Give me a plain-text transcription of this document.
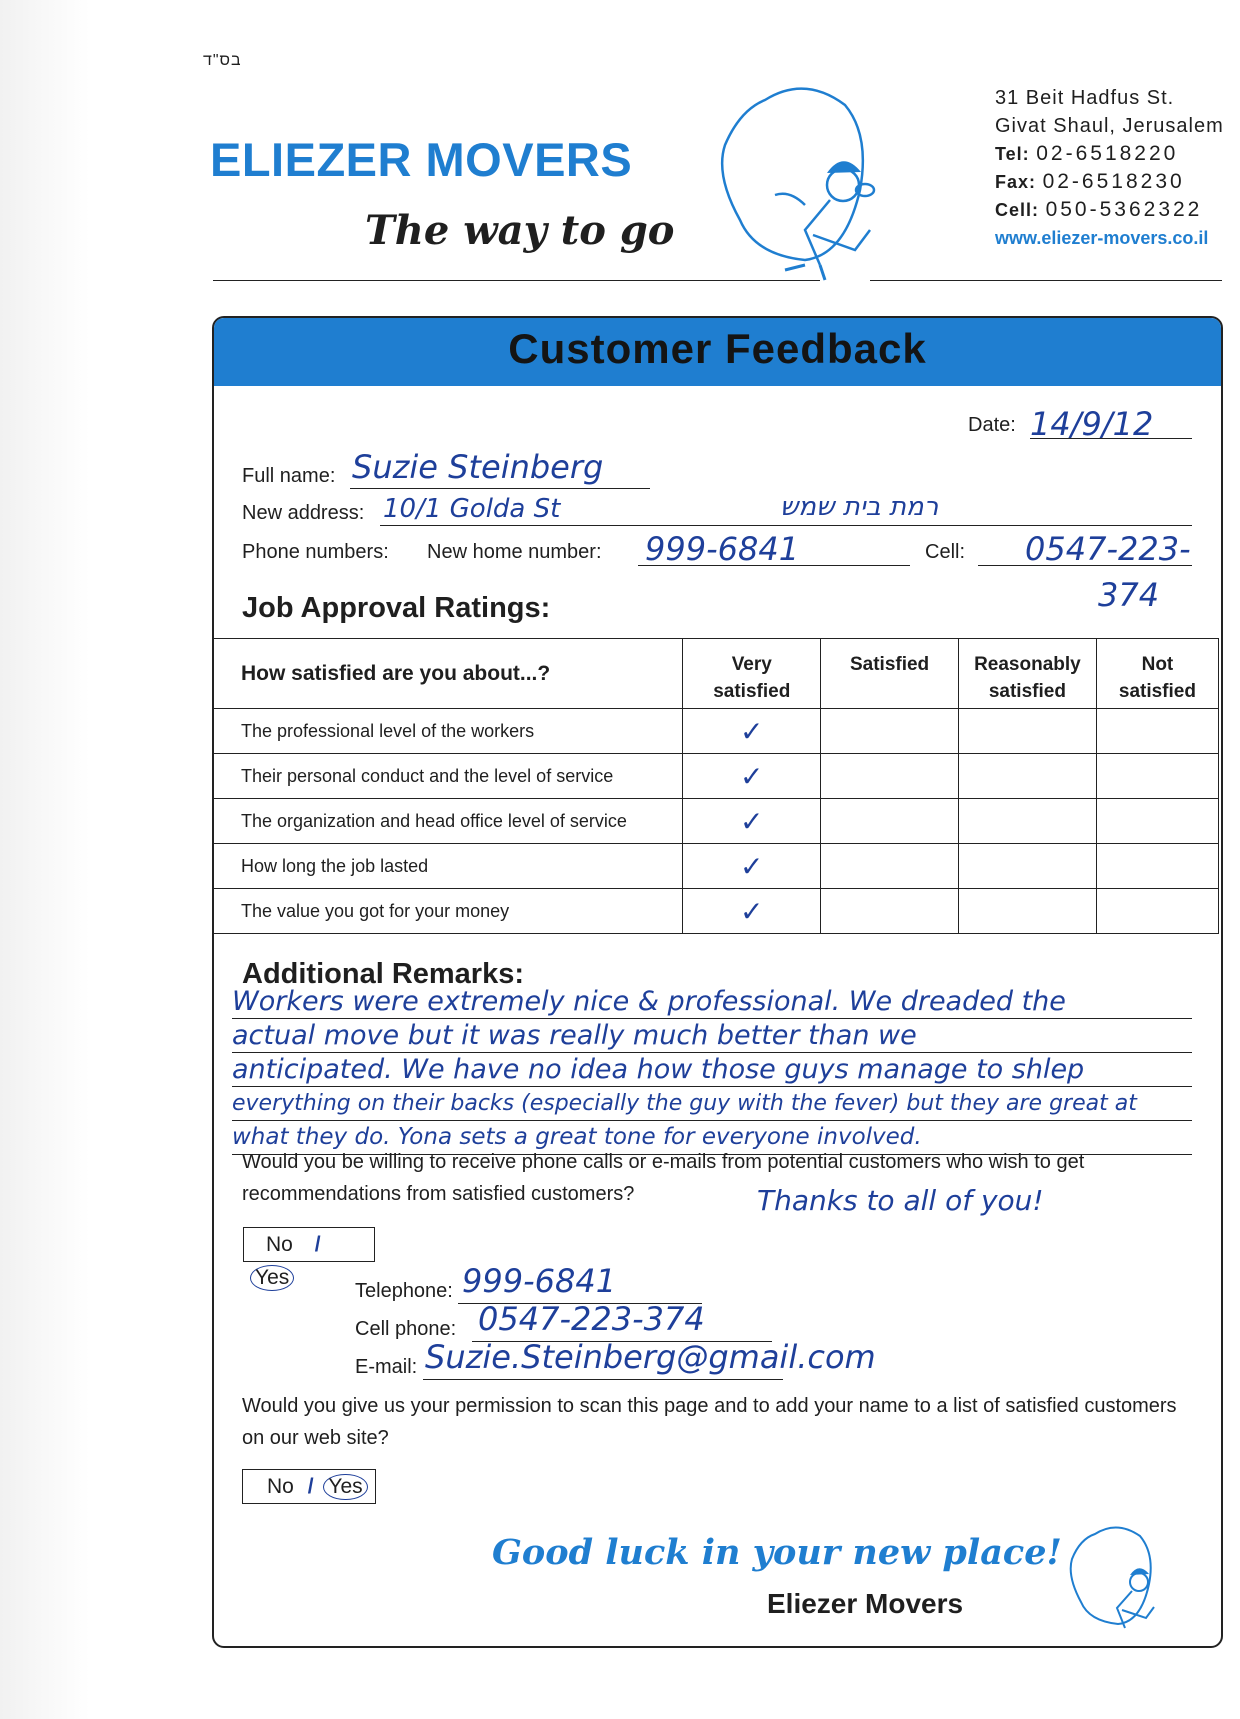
בס"ד
ELIEZER MOVERS
The way to go
31 Beit Hadfus St.
Givat Shaul, Jerusalem
Tel: 02-6518220
Fax: 02-6518230
Cell: 050-5362322
www.eliezer-movers.co.il
Customer Feedback
Date: 14/9/12
Full name: Suzie Steinberg
New address: 10/1 Golda St	רמת בית שמש
Phone numbers: New home number: 999-6841	Cell: 0547-223-
374
Job Approval Ratings:
How satisfied are you about...?	Very satisfied	Satisfied	Reasonably satisfied	Not satisfied
The professional level of the workers	✓			
Their personal conduct and the level of service	✓			
The organization and head office level of service	✓			
How long the job lasted	✓			
The value you got for your money	✓			
Additional Remarks:
Workers were extremely nice & professional. We dreaded the
actual move but it was really much better than we
anticipated. We have no idea how those guys manage to shlep
everything on their backs (especially the guy with the fever) but they are great at
what they do. Yona sets a great tone for everyone involved.
Would you be willing to receive phone calls or e-mails from potential customers who wish to get recommendations from satisfied customers?	Thanks to all of you!
No / Yes
Telephone: 999-6841
Cell phone: 0547-223-374
E-mail: Suzie.Steinberg@gmail.com
Would you give us your permission to scan this page and to add your name to a list of satisfied customers on our web site?
No / Yes
Good luck in your new place!
Eliezer Movers
